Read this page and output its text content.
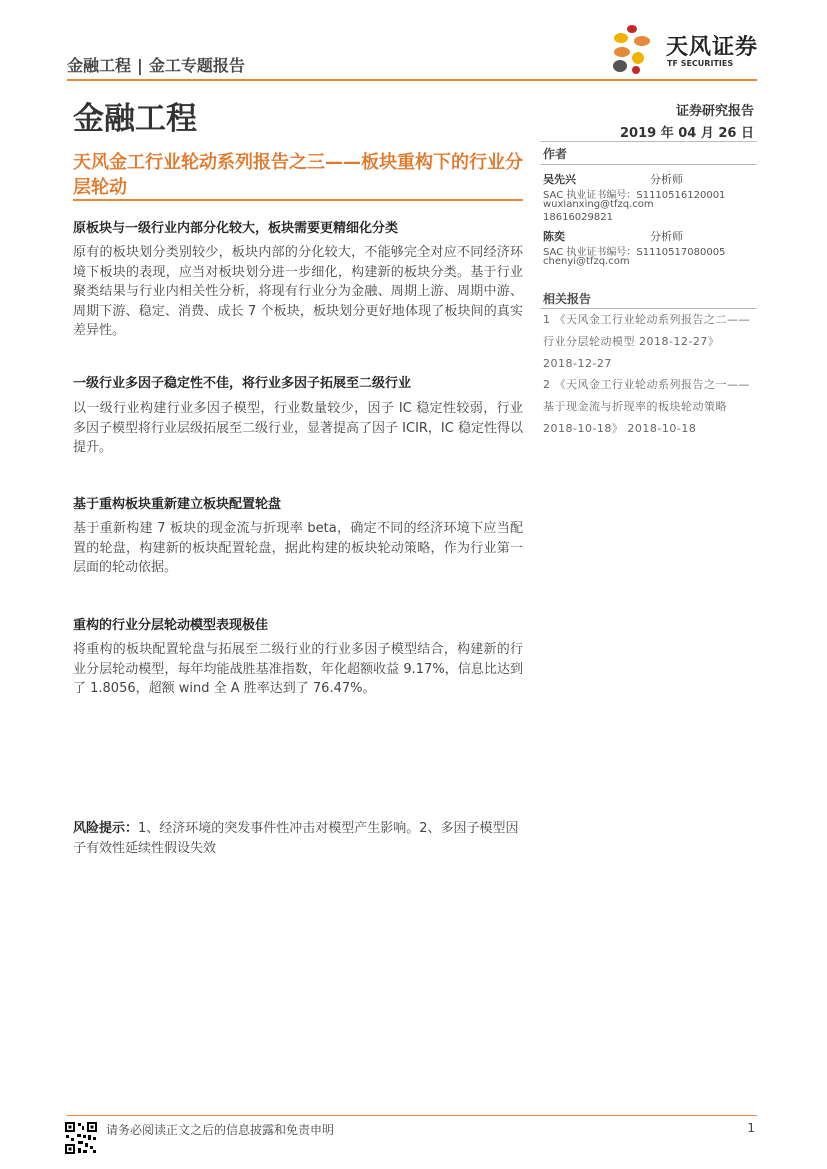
金融工程 | 金工专题报告
天风证券
TF SECURITIES
金融工程	证券研究报告
2019 年 04 月 26 日
天风金工行业轮动系列报告之三——板块重构下的行业分层轮动
原板块与一级行业内部分化较大，板块需要更精细化分类
原有的板块划分类别较少，板块内部的分化较大，不能够完全对应不同经济环境下板块的表现，应当对板块划分进一步细化，构建新的板块分类。基于行业聚类结果与行业内相关性分析，将现有行业分为金融、周期上游、周期中游、周期下游、稳定、消费、成长 7 个板块，板块划分更好地体现了板块间的真实差异性。
一级行业多因子稳定性不佳，将行业多因子拓展至二级行业
以一级行业构建行业多因子模型，行业数量较少，因子 IC 稳定性较弱，行业多因子模型将行业层级拓展至二级行业，显著提高了因子 ICIR，IC 稳定性得以提升。
基于重构板块重新建立板块配置轮盘
基于重新构建 7 板块的现金流与折现率 beta，确定不同的经济环境下应当配置的轮盘，构建新的板块配置轮盘，据此构建的板块轮动策略，作为行业第一层面的轮动依据。
重构的行业分层轮动模型表现极佳
将重构的板块配置轮盘与拓展至二级行业的行业多因子模型结合，构建新的行业分层轮动模型，每年均能战胜基准指数，年化超额收益 9.17%，信息比达到了 1.8056，超额 wind 全 A 胜率达到了 76.47%。
风险提示：1、经济环境的突发事件性冲击对模型产生影响。2、多因子模型因子有效性延续性假设失效
作者
吴先兴	分析师
SAC 执业证书编号：S1110516120001
wuxianxing@tfzq.com
18616029821
陈奕	分析师
SAC 执业证书编号：S1110517080005
chenyi@tfzq.com
相关报告
1 《天风金工行业轮动系列报告之二——行业分层轮动模型 2018-12-27》 2018-12-27
2 《天风金工行业轮动系列报告之一——基于现金流与折现率的板块轮动策略 2018-10-18》 2018-10-18
请务必阅读正文之后的信息披露和免责申明	1
